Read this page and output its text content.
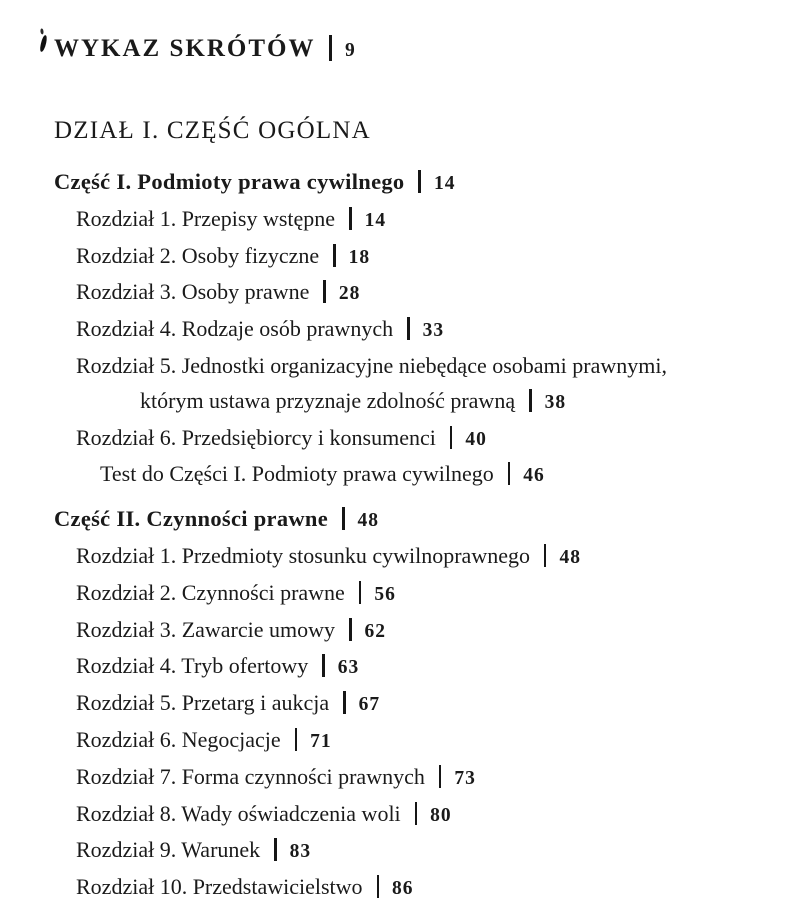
WYKAZ SKRÓTÓW 9
DZIAŁ I. CZĘŚĆ OGÓLNA
Część I. Podmioty prawa cywilnego 14
Rozdział 1. Przepisy wstępne 14
Rozdział 2. Osoby fizyczne 18
Rozdział 3. Osoby prawne 28
Rozdział 4. Rodzaje osób prawnych 33
Rozdział 5. Jednostki organizacyjne niebędące osobami prawnymi,
którym ustawa przyznaje zdolność prawną 38
Rozdział 6. Przedsiębiorcy i konsumenci 40
Test do Części I. Podmioty prawa cywilnego 46
Część II. Czynności prawne 48
Rozdział 1. Przedmioty stosunku cywilnoprawnego 48
Rozdział 2. Czynności prawne 56
Rozdział 3. Zawarcie umowy 62
Rozdział 4. Tryb ofertowy 63
Rozdział 5. Przetarg i aukcja 67
Rozdział 6. Negocjacje 71
Rozdział 7. Forma czynności prawnych 73
Rozdział 8. Wady oświadczenia woli 80
Rozdział 9. Warunek 83
Rozdział 10. Przedstawicielstwo 86
